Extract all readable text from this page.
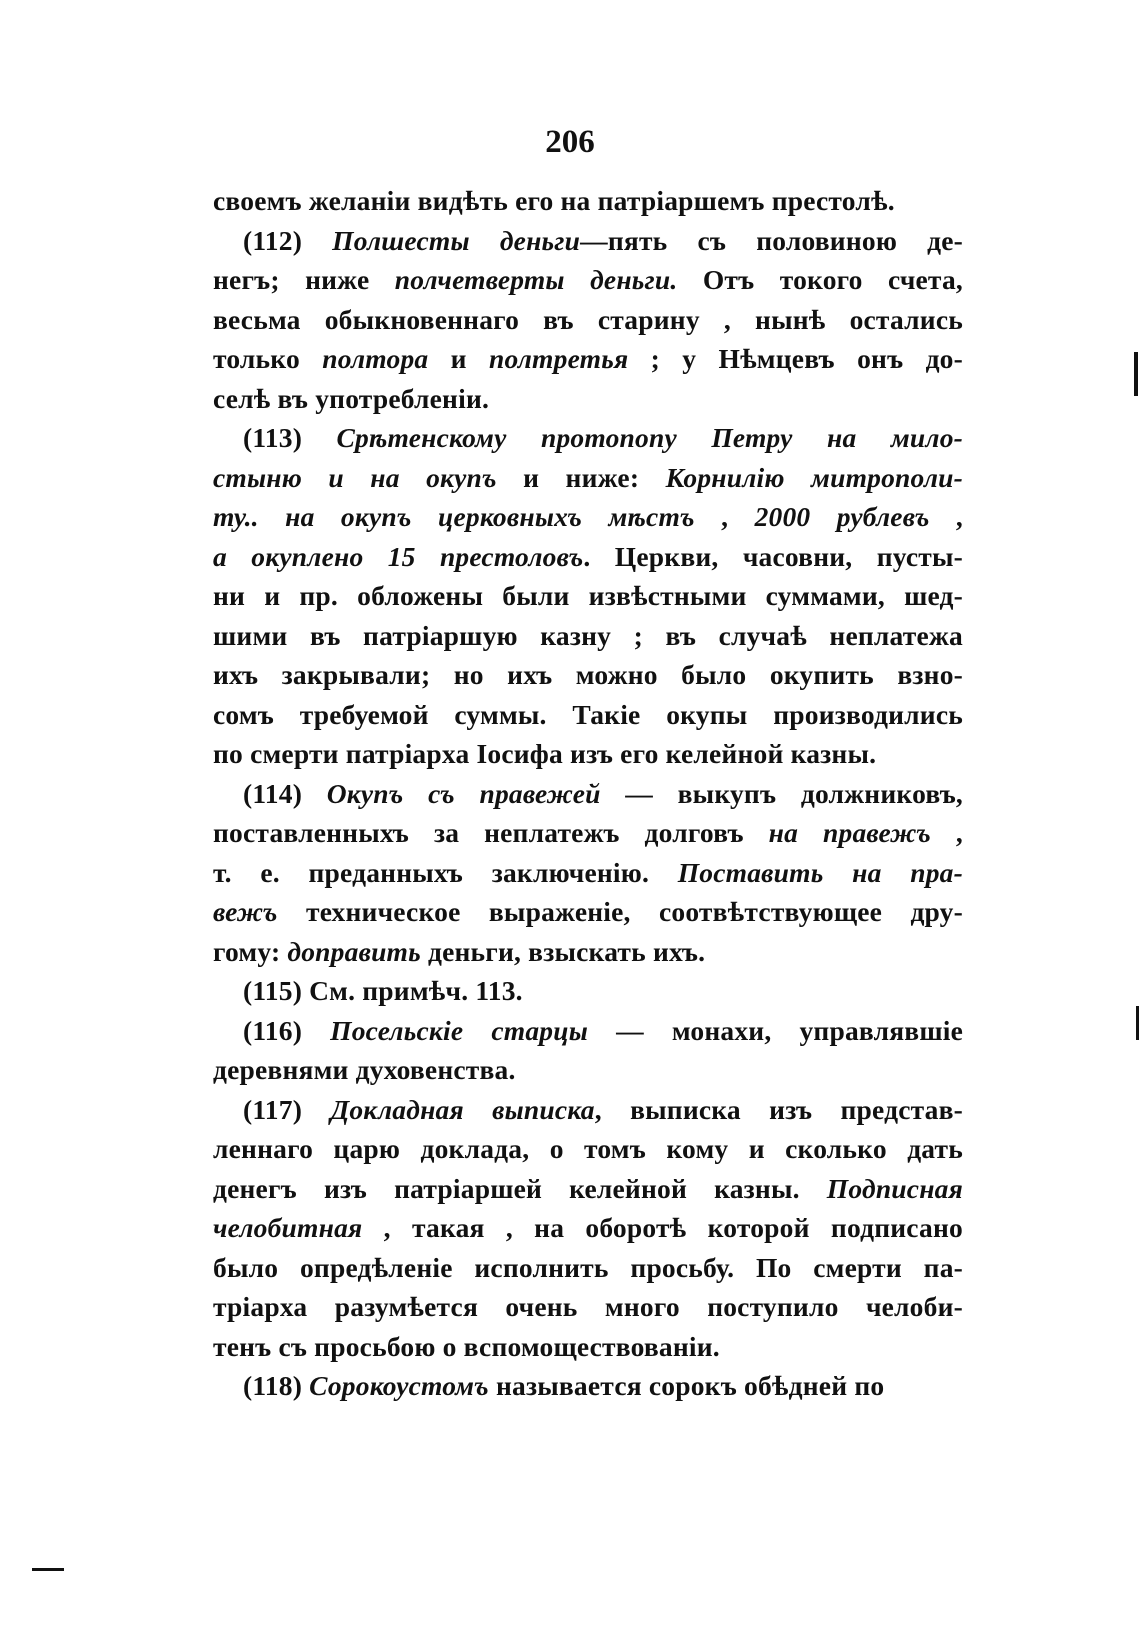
206
своемъ желаніи видѣть его на патріаршемъ престолѣ.
(112) Полшесты деньги—пять съ половиною де-
негъ; ниже полчетверты деньги. Отъ токого счета,
весьма обыкновеннаго въ старину , нынѣ остались
только полтора и полтретья ; у Нѣмцевъ онъ до-
селѣ въ употребленіи.
(113) Срѣтенскому протопопу Петру на мило-
стыню и на окупъ и ниже: Корнилію митрополи-
ту.. на окупъ церковныхъ мѣстъ , 2000 рублевъ ,
а окуплено 15 престоловъ. Церкви, часовни, пусты-
ни и пр. обложены были извѣстными суммами, шед-
шими въ патріаршую казну ; въ случаѣ неплатежа
ихъ закрывали; но ихъ можно было окупить взно-
сомъ требуемой суммы. Такіе окупы производились
по смерти патріарха Іосифа изъ его келейной казны.
(114) Окупъ съ правежей — выкупъ должниковъ,
поставленныхъ за неплатежъ долговъ на правежъ ,
т. е. преданныхъ заключенію. Поставить на пра-
вежъ техническое выраженіе, соотвѣтствующее дру-
гому: доправить деньги, взыскать ихъ.
(115) См. примѣч. 113.
(116) Посельскіе старцы — монахи, управлявшіе
деревнями духовенства.
(117) Докладная выписка, выписка изъ представ-
леннаго царю доклада, о томъ кому и сколько дать
денегъ изъ патріаршей келейной казны. Подписная
челобитная , такая , на оборотѣ которой подписано
было опредѣленіе исполнить просьбу. По смерти па-
тріарха разумѣется очень много поступило челоби-
тенъ съ просьбою о вспомоществованіи.
(118) Сорокоустомъ называется сорокъ обѣдней по
